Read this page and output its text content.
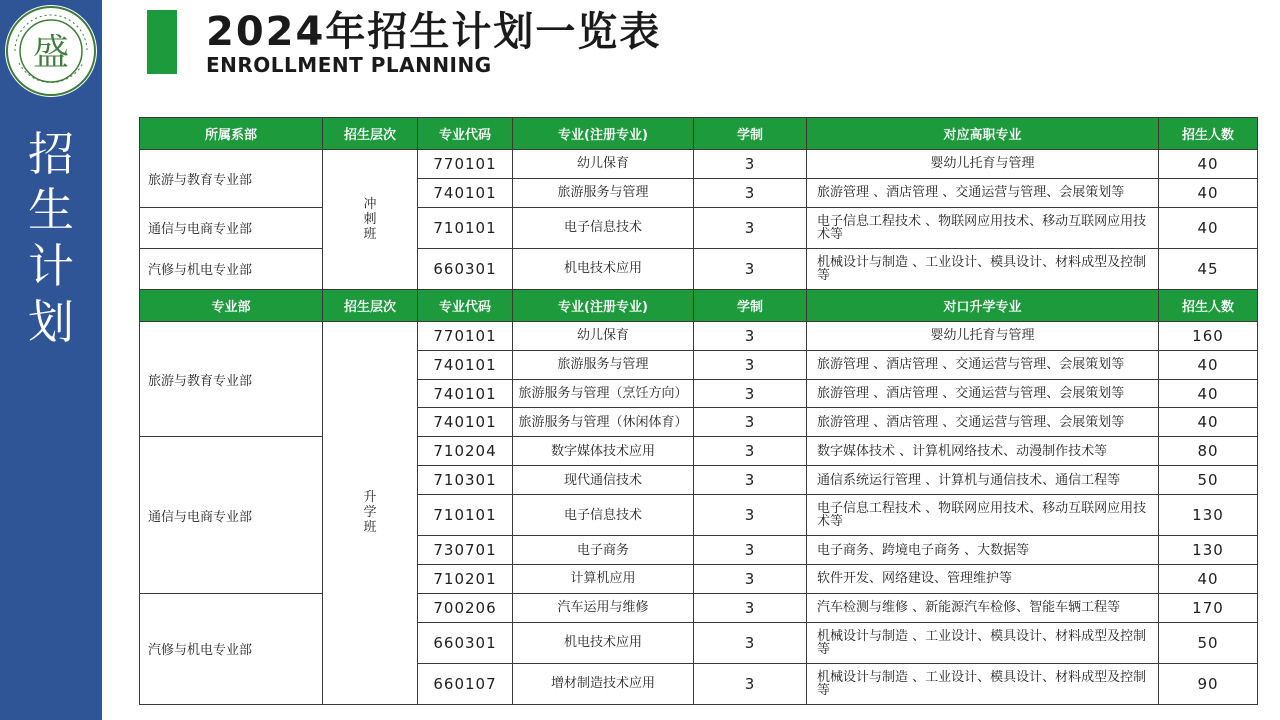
盛
招
生
计
划
2024年招生计划一览表
ENROLLMENT PLANNING
所属系部	招生层次	专业代码	专业(注册专业)	学制	对应高职专业	招生人数
旅游与教育专业部	冲刺班	770101	幼儿保育	3	婴幼儿托育与管理	40
		740101	旅游服务与管理	3	旅游管理 、酒店管理 、交通运营与管理、会展策划等	40
通信与电商专业部		710101	电子信息技术	3	电子信息工程技术 、物联网应用技术、移动互联网应用技术等	40
汽修与机电专业部		660301	机电技术应用	3	机械设计与制造 、工业设计、模具设计、材料成型及控制等	45
专业部	招生层次	专业代码	专业(注册专业)	学制	对口升学专业	招生人数
旅游与教育专业部	升学班	770101	幼儿保育	3	婴幼儿托育与管理	160
		740101	旅游服务与管理	3	旅游管理 、酒店管理 、交通运营与管理、会展策划等	40
		740101	旅游服务与管理（烹饪方向）	3	旅游管理 、酒店管理 、交通运营与管理、会展策划等	40
		740101	旅游服务与管理（休闲体育）	3	旅游管理 、酒店管理 、交通运营与管理、会展策划等	40
通信与电商专业部		710204	数字媒体技术应用	3	数字媒体技术 、计算机网络技术、动漫制作技术等	80
		710301	现代通信技术	3	通信系统运行管理 、计算机与通信技术、通信工程等	50
		710101	电子信息技术	3	电子信息工程技术 、物联网应用技术、移动互联网应用技术等	130
		730701	电子商务	3	电子商务、跨境电子商务 、大数据等	130
		710201	计算机应用	3	软件开发、网络建设、管理维护等	40
汽修与机电专业部		700206	汽车运用与维修	3	汽车检测与维修 、新能源汽车检修、智能车辆工程等	170
		660301	机电技术应用	3	机械设计与制造 、工业设计、模具设计、材料成型及控制等	50
		660107	增材制造技术应用	3	机械设计与制造 、工业设计、模具设计、材料成型及控制等	90
